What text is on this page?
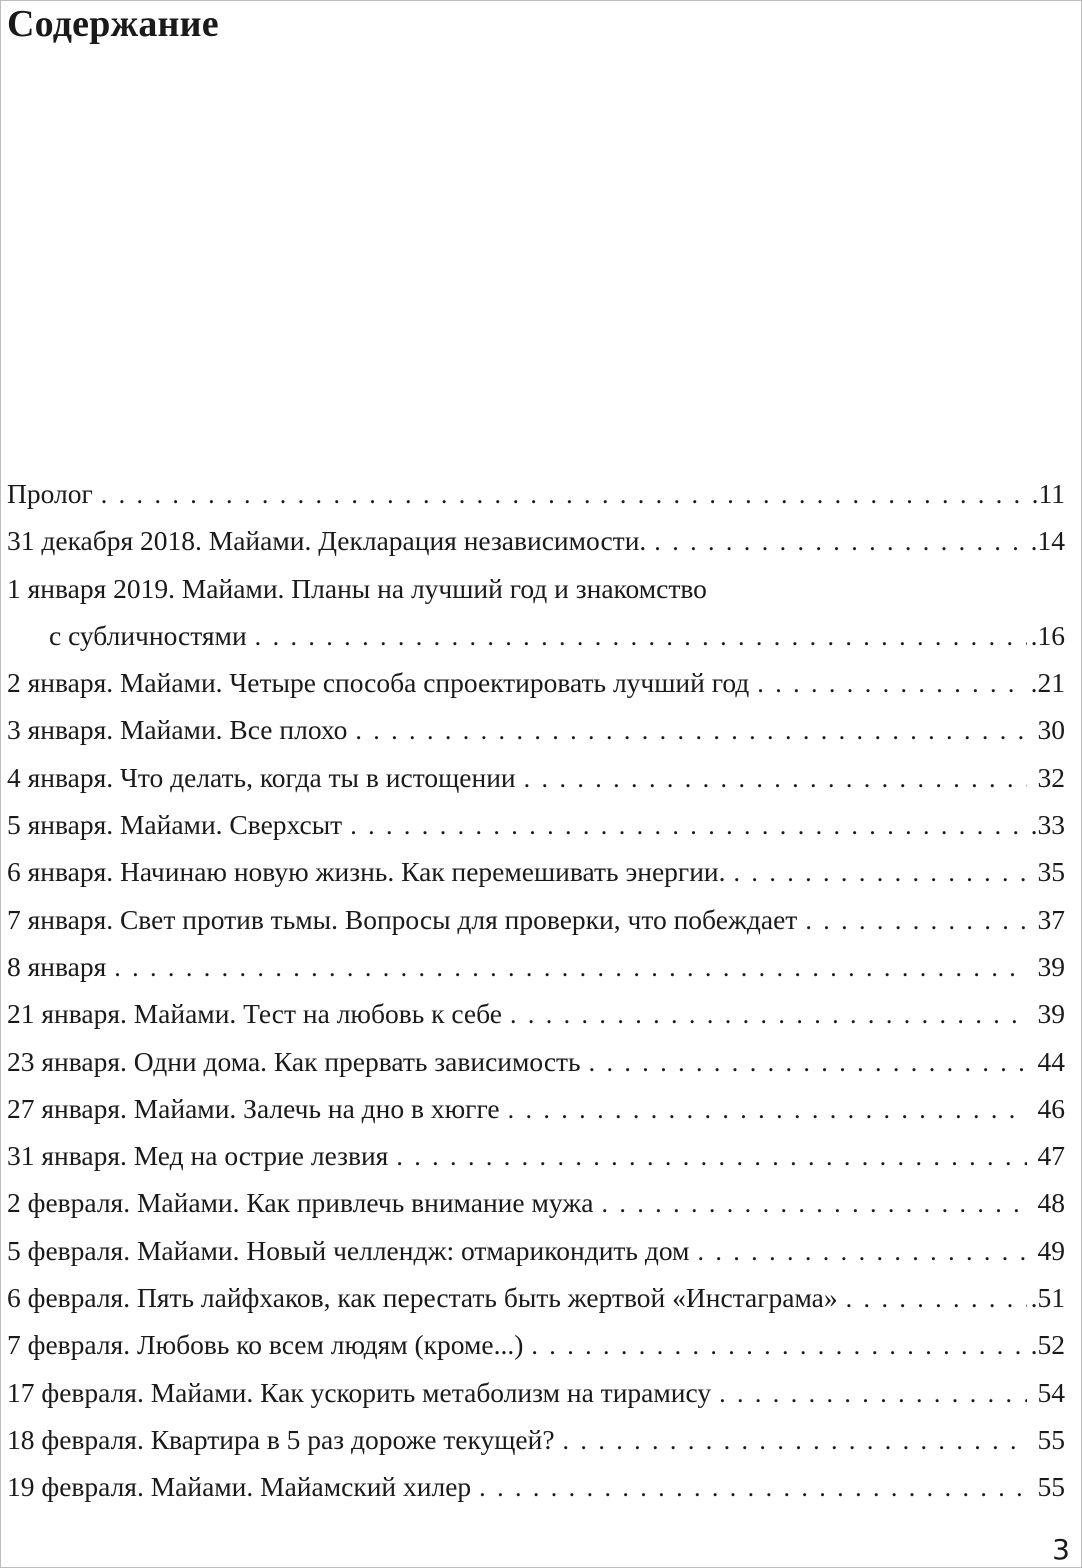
Содержание
Пролог . . .	.11
31 декабря 2018. Майами. Декларация независимости. . . .	.14
1 января 2019. Майами. Планы на лучший год и знакомство
с субличностями . . .	.16
2 января. Майами. Четыре способа спроектировать лучший год . . .	.21
3 января. Майами. Все плохо . . .	30
4 января. Что делать, когда ты в истощении . . .	32
5 января. Майами. Сверхсыт . . .	.33
6 января. Начинаю новую жизнь. Как перемешивать энергии. . . .	35
7 января. Свет против тьмы. Вопросы для проверки, что побеждает . . .	37
8 января . . .	39
21 января. Майами. Тест на любовь к себе . . .	39
23 января. Одни дома. Как прервать зависимость . . .	44
27 января. Майами. Залечь на дно в хюгге . . .	46
31 января. Мед на острие лезвия . . .	47
2 февраля. Майами. Как привлечь внимание мужа . . .	48
5 февраля. Майами. Новый челлендж: отмарикондить дом . . .	49
6 февраля. Пять лайфхаков, как перестать быть жертвой «Инстаграма» . . .	.51
7 февраля. Любовь ко всем людям (кроме...) . . .	.52
17 февраля. Майами. Как ускорить метаболизм на тирамису . . .	54
18 февраля. Квартира в 5 раз дороже текущей? . . .	55
19 февраля. Майами. Майамский хилер . . .	55
3
